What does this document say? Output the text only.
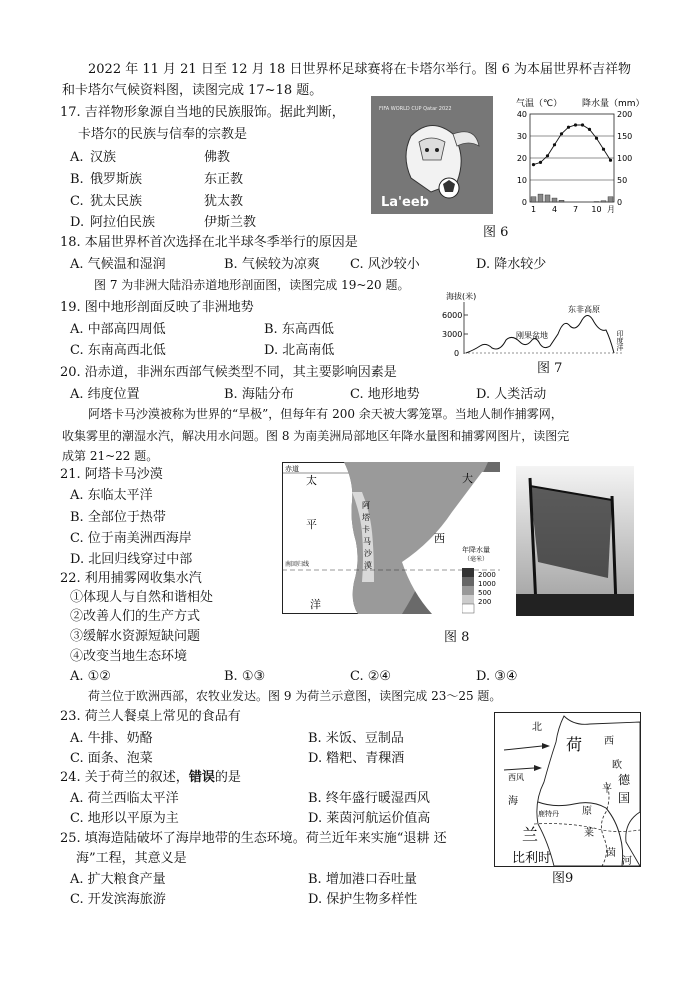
2022 年 11 月 21 日至 12 月 18 日世界杯足球赛将在卡塔尔举行。图 6 为本届世界杯吉祥物
和卡塔尔气候资料图，读图完成 17~18 题。
17. 吉祥物形象源自当地的民族服饰。据此判断，
卡塔尔的民族与信奉的宗教是
A. 汉族	佛教
B. 俄罗斯族	东正教
C. 犹太民族	犹太教
D. 阿拉伯民族	伊斯兰教
FIFA WORLD CUP Qatar 2022
La'eeb
气温（℃） 降水量（mm）
40
30
20
10
0
200
150
100
50
0
1 4 7 10 月
图 6
18. 本届世界杯首次选择在北半球冬季举行的原因是
A. 气候温和湿润	B. 气候较为凉爽 C. 风沙较小	D. 降水较少
图 7 为非洲大陆沿赤道地形剖面图，读图完成 19~20 题。
19. 图中地形剖面反映了非洲地势
A. 中部高四周低	B. 东高西低
C. 东南高西北低	D. 北高南低
海拔(米)
6000
3000
0
刚果盆地
东非高原
印度洋
图 7
20. 沿赤道，非洲东西部气候类型不同，其主要影响因素是
A. 纬度位置	B. 海陆分布	C. 地形地势	D. 人类活动
阿塔卡马沙漠被称为世界的“旱极”，但每年有 200 余天被大雾笼罩。当地人制作捕雾网，
收集雾里的潮湿水汽，解决用水问题。图 8 为南美洲局部地区年降水量图和捕雾网图片，读图完
成第 21~22 题。
21. 阿塔卡马沙漠
A. 东临太平洋
B. 全部位于热带
C. 位于南美洲西海岸
D. 北回归线穿过中部
赤道
南回归线
太
平
洋
大
西
阿
塔
卡
马
沙
漠
年降水量
（毫米）
2000
1000
500
200
图 8
22. 利用捕雾网收集水汽
①体现人与自然和谐相处
②改善人们的生产方式
③缓解水资源短缺问题
④改变当地生态环境
A. ①②	B. ①③	C. ②④	D. ③④
荷兰位于欧洲西部，农牧业发达。图 9 为荷兰示意图，读图完成 23～25 题。
23. 荷兰人餐桌上常见的食品有
A. 牛排、奶酪	B. 米饭、豆制品
C. 面条、泡菜	D. 糌粑、青稞酒
24. 关于荷兰的叙述，错误的是
A. 荷兰西临太平洋	B. 终年盛行暖湿西风
C. 地形以平原为主	D. 莱茵河航运价值高
25. 填海造陆破坏了海岸地带的生态环境。荷兰近年来实施“退耕 还
海”工程，其意义是
A. 扩大粮食产量	B. 增加港口吞吐量
C. 开发滨海旅游	D. 保护生物多样性
北
西风
海
荷
兰
西
欧
平
原
鹿特丹
莱
茵
河
德
国
比利时
图9
